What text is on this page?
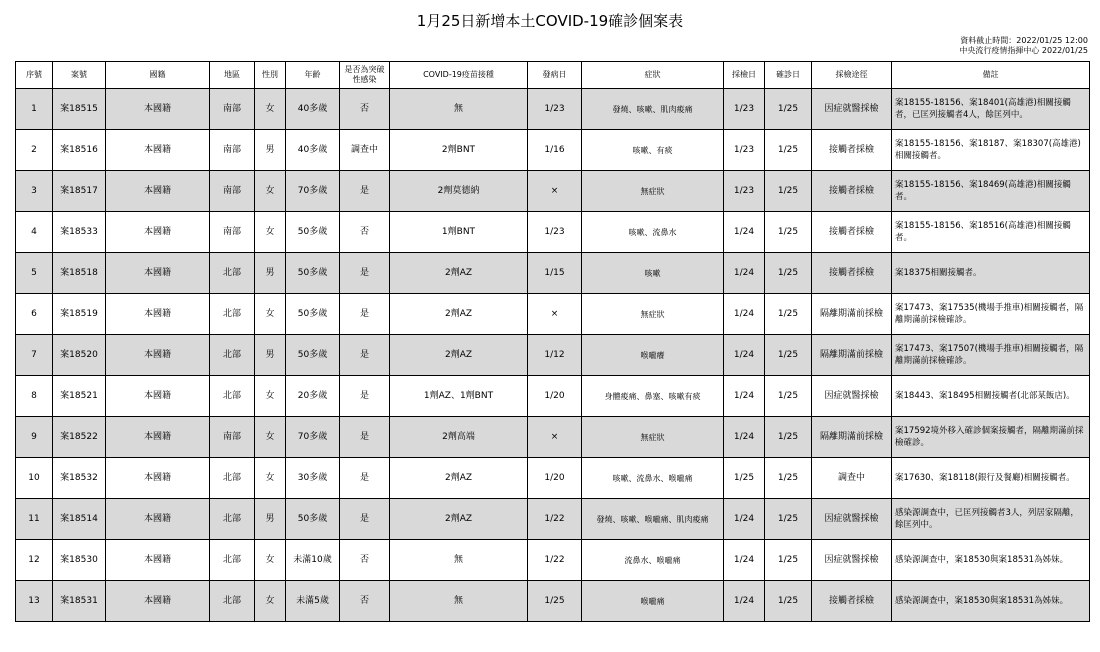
1月25日新增本土COVID-19確診個案表
資料截止時間：2022/01/25 12:00
中央流行疫情指揮中心 2022/01/25
序號	案號	國籍	地區	性別	年齡	是否為突破性感染	COVID-19疫苗接種	發病日	症狀	採檢日	確診日	採檢途徑	備註
1	案18515	本國籍	南部	女	40多歲	否	無	1/23	發燒、咳嗽、肌肉痠痛	1/23	1/25	因症就醫採檢	案18155-18156、案18401(高雄港)相關接觸者，已匡列接觸者4人，餘匡列中。
2	案18516	本國籍	南部	男	40多歲	調查中	2劑BNT	1/16	咳嗽、有痰	1/23	1/25	接觸者採檢	案18155-18156、案18187、案18307(高雄港)相關接觸者。
3	案18517	本國籍	南部	女	70多歲	是	2劑莫德納	×	無症狀	1/23	1/25	接觸者採檢	案18155-18156、案18469(高雄港)相關接觸者。
4	案18533	本國籍	南部	女	50多歲	否	1劑BNT	1/23	咳嗽、流鼻水	1/24	1/25	接觸者採檢	案18155-18156、案18516(高雄港)相關接觸者。
5	案18518	本國籍	北部	男	50多歲	是	2劑AZ	1/15	咳嗽	1/24	1/25	接觸者採檢	案18375相關接觸者。
6	案18519	本國籍	北部	女	50多歲	是	2劑AZ	×	無症狀	1/24	1/25	隔離期滿前採檢	案17473、案17535(機場手推車)相關接觸者，隔離期滿前採檢確診。
7	案18520	本國籍	北部	男	50多歲	是	2劑AZ	1/12	喉嚨癢	1/24	1/25	隔離期滿前採檢	案17473、案17507(機場手推車)相關接觸者，隔離期滿前採檢確診。
8	案18521	本國籍	北部	女	20多歲	是	1劑AZ、1劑BNT	1/20	身體痠痛、鼻塞、咳嗽有痰	1/24	1/25	因症就醫採檢	案18443、案18495相關接觸者(北部某飯店)。
9	案18522	本國籍	南部	女	70多歲	是	2劑高端	×	無症狀	1/24	1/25	隔離期滿前採檢	案17592境外移入確診個案接觸者，隔離期滿前採檢確診。
10	案18532	本國籍	北部	女	30多歲	是	2劑AZ	1/20	咳嗽、流鼻水、喉嚨痛	1/25	1/25	調查中	案17630、案18118(銀行及餐廳)相關接觸者。
11	案18514	本國籍	北部	男	50多歲	是	2劑AZ	1/22	發燒、咳嗽、喉嚨痛、肌肉痠痛	1/24	1/25	因症就醫採檢	感染源調查中，已匡列接觸者3人，列居家隔離，餘匡列中。
12	案18530	本國籍	北部	女	未滿10歲	否	無	1/22	流鼻水、喉嚨痛	1/24	1/25	因症就醫採檢	感染源調查中，案18530與案18531為姊妹。
13	案18531	本國籍	北部	女	未滿5歲	否	無	1/25	喉嚨痛	1/24	1/25	接觸者採檢	感染源調查中，案18530與案18531為姊妹。
